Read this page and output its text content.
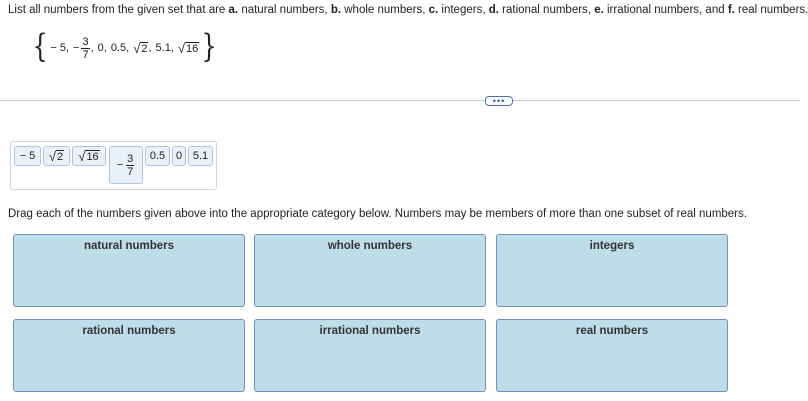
List all numbers from the given set that are a. natural numbers, b. whole numbers, c. integers, d. rational numbers, e. irrational numbers, and f. real numbers.
{ − 5, − $\frac{3}{7}$ , 0, 0.5, √ 2 , 5.1, √ 16 }
•••
− 5 √ 2 √ 16
− $\frac{3}{7} 0.5$ 0 5.1
Drag each of the numbers given above into the appropriate category below. Numbers may be members of more than one subset of real numbers.
natural numbers	whole numbers	integers
rational numbers	irrational numbers	real numbers
